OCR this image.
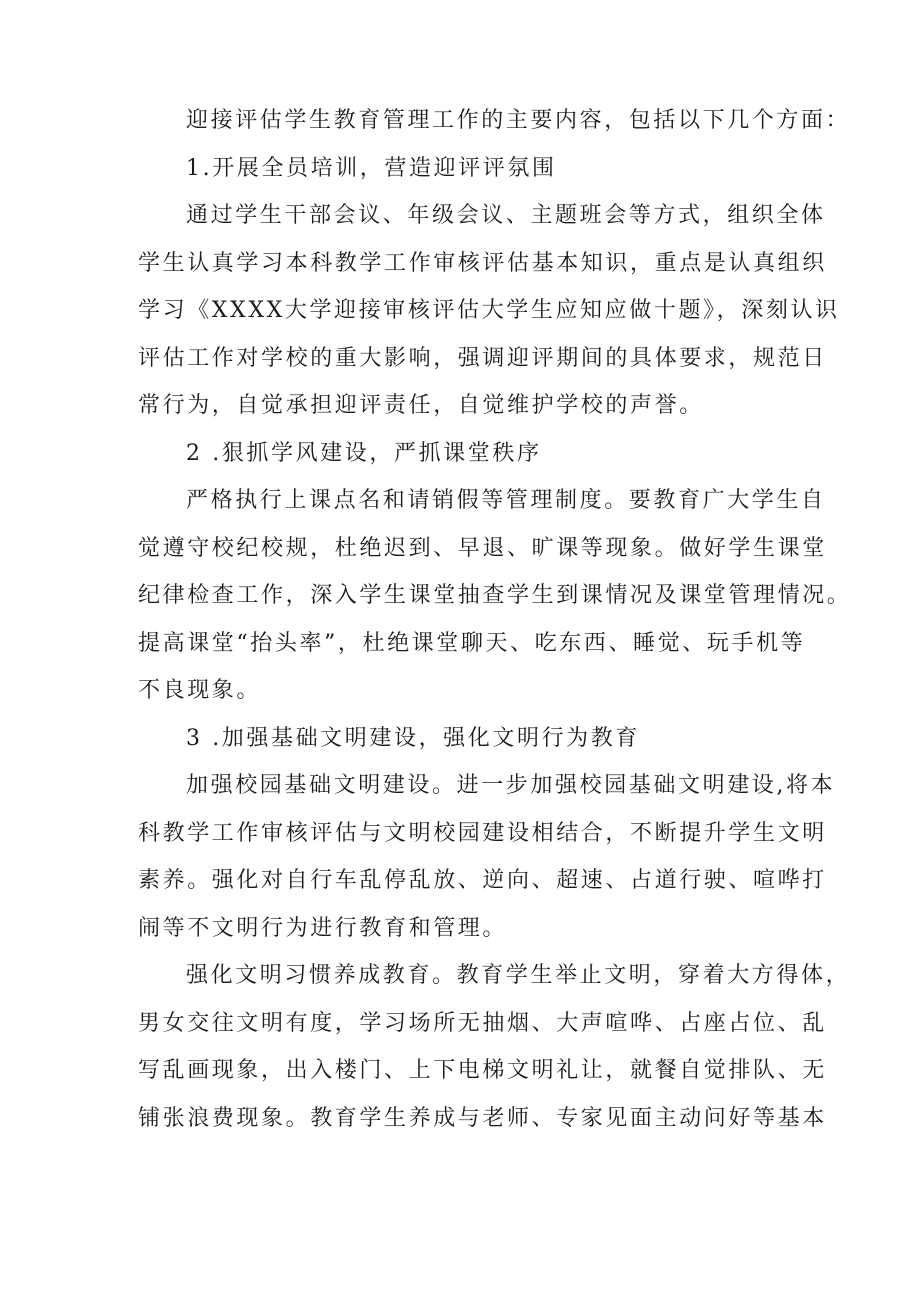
迎接评估学生教育管理工作的主要内容，包括以下几个方面：
1.开展全员培训，营造迎评评氛围
通过学生干部会议、年级会议、主题班会等方式，组织全体
学生认真学习本科教学工作审核评估基本知识，重点是认真组织
学习《XXXX大学迎接审核评估大学生应知应做十题》，深刻认识
评估工作对学校的重大影响，强调迎评期间的具体要求，规范日
常行为，自觉承担迎评责任，自觉维护学校的声誉。
2 .狠抓学风建设，严抓课堂秩序
严格执行上课点名和请销假等管理制度。要教育广大学生自
觉遵守校纪校规，杜绝迟到、早退、旷课等现象。做好学生课堂
纪律检查工作，深入学生课堂抽查学生到课情况及课堂管理情况。
提高课堂“抬头率”，杜绝课堂聊天、吃东西、睡觉、玩手机等
不良现象。
3 .加强基础文明建设，强化文明行为教育
加强校园基础文明建设。进一步加强校园基础文明建设,将本
科教学工作审核评估与文明校园建设相结合，不断提升学生文明
素养。强化对自行车乱停乱放、逆向、超速、占道行驶、喧哗打
闹等不文明行为进行教育和管理。
强化文明习惯养成教育。教育学生举止文明，穿着大方得体，
男女交往文明有度，学习场所无抽烟、大声喧哗、占座占位、乱
写乱画现象，出入楼门、上下电梯文明礼让，就餐自觉排队、无
铺张浪费现象。教育学生养成与老师、专家见面主动问好等基本
